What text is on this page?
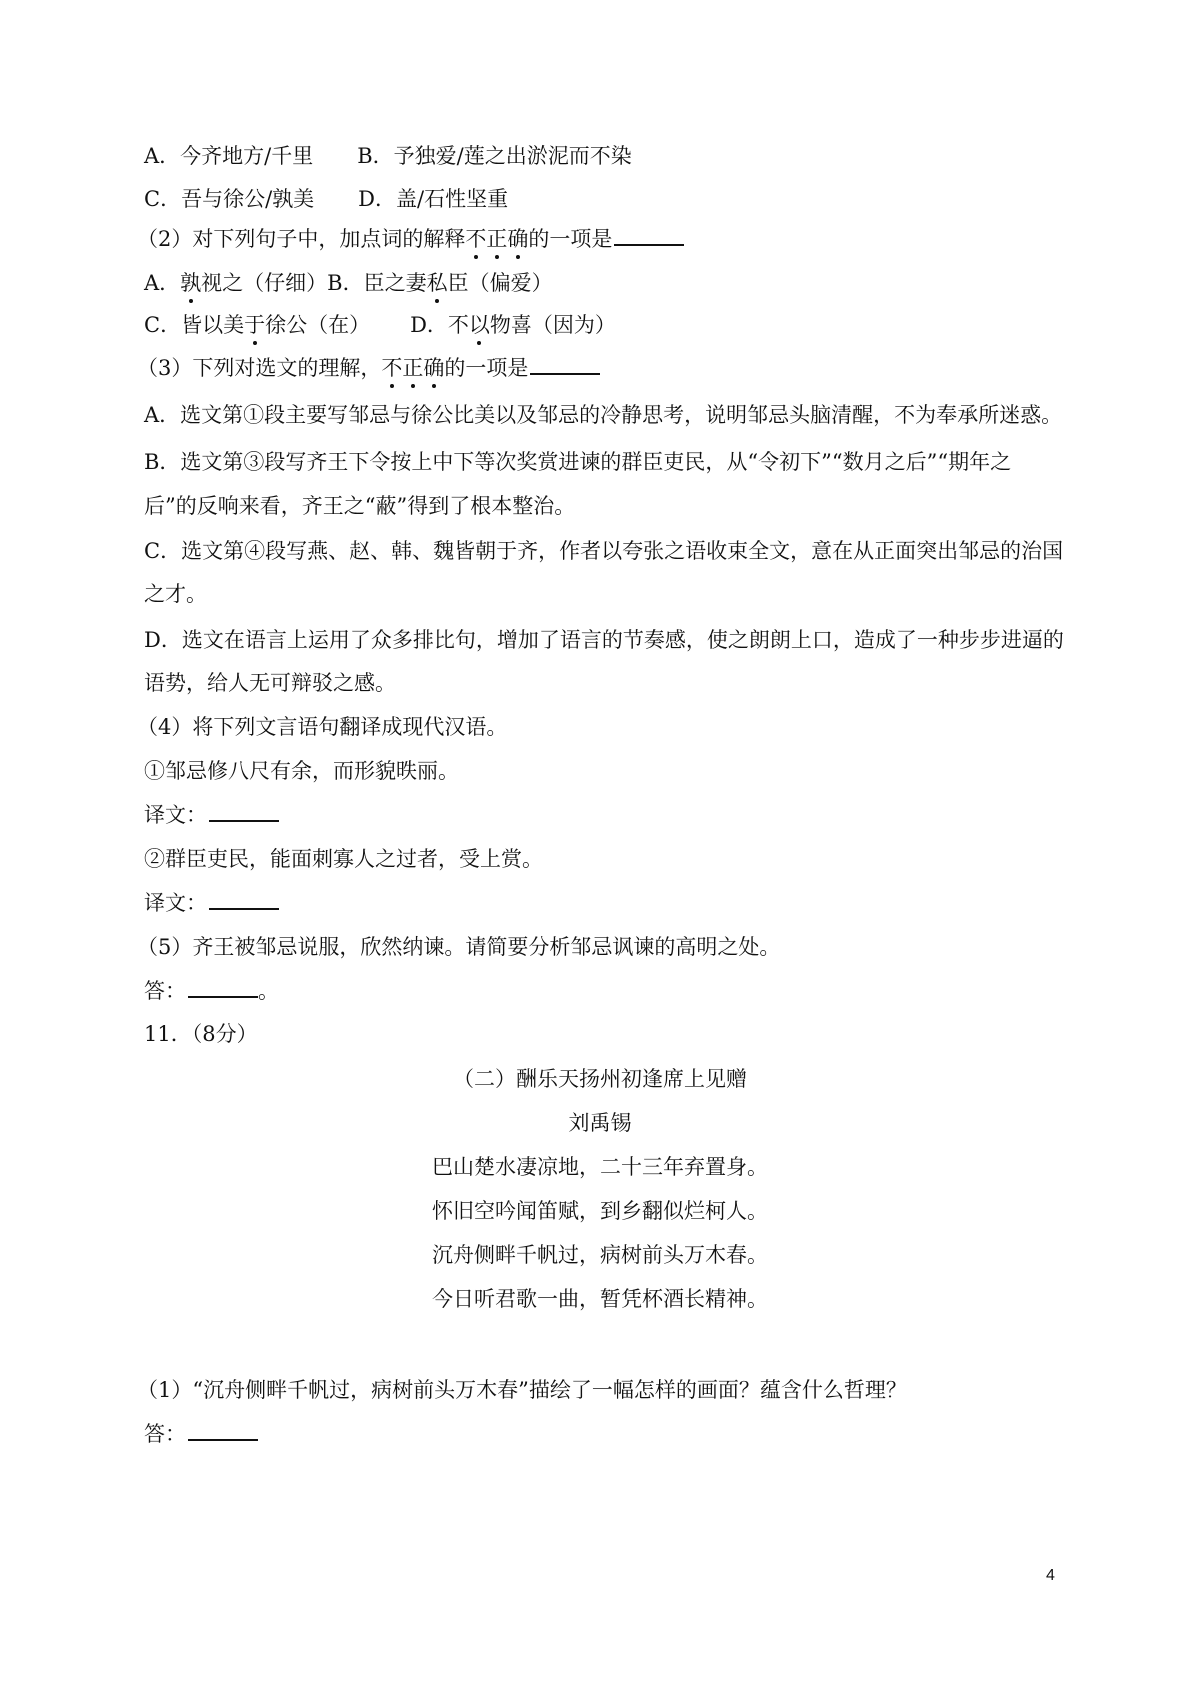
A．今齐地方/千里 B．予独爱/莲之出淤泥而不染
C．吾与徐公/孰美 D．盖/石性坚重
（2）对下列句子中，加点词的解释不正确的一项是
A．孰视之（仔细）B．臣之妻私臣（偏爱）
C．皆以美于徐公（在） D．不以物喜（因为）
（3）下列对选文的理解，不正确的一项是
A．选文第①段主要写邹忌与徐公比美以及邹忌的冷静思考，说明邹忌头脑清醒，不为奉承所迷惑。
B．选文第③段写齐王下令按上中下等次奖赏进谏的群臣吏民，从“令初下”“数月之后”“期年之
后”的反响来看，齐王之“蔽”得到了根本整治。
C．选文第④段写燕、赵、韩、魏皆朝于齐，作者以夸张之语收束全文，意在从正面突出邹忌的治国
之才。
D．选文在语言上运用了众多排比句，增加了语言的节奏感，使之朗朗上口，造成了一种步步进逼的
语势，给人无可辩驳之感。
（4）将下列文言语句翻译成现代汉语。
①邹忌修八尺有余，而形貌昳丽。
译文：
②群臣吏民，能面刺寡人之过者，受上赏。
译文：
（5）齐王被邹忌说服，欣然纳谏。请简要分析邹忌讽谏的高明之处。
答：	。
11．（8分）
（二）酬乐天扬州初逢席上见赠
刘禹锡
巴山楚水凄凉地，二十三年弃置身。
怀旧空吟闻笛赋，到乡翻似烂柯人。
沉舟侧畔千帆过，病树前头万木春。
今日听君歌一曲，暂凭杯酒长精神。
（1）“沉舟侧畔千帆过，病树前头万木春”描绘了一幅怎样的画面？蕴含什么哲理？
答：
4
